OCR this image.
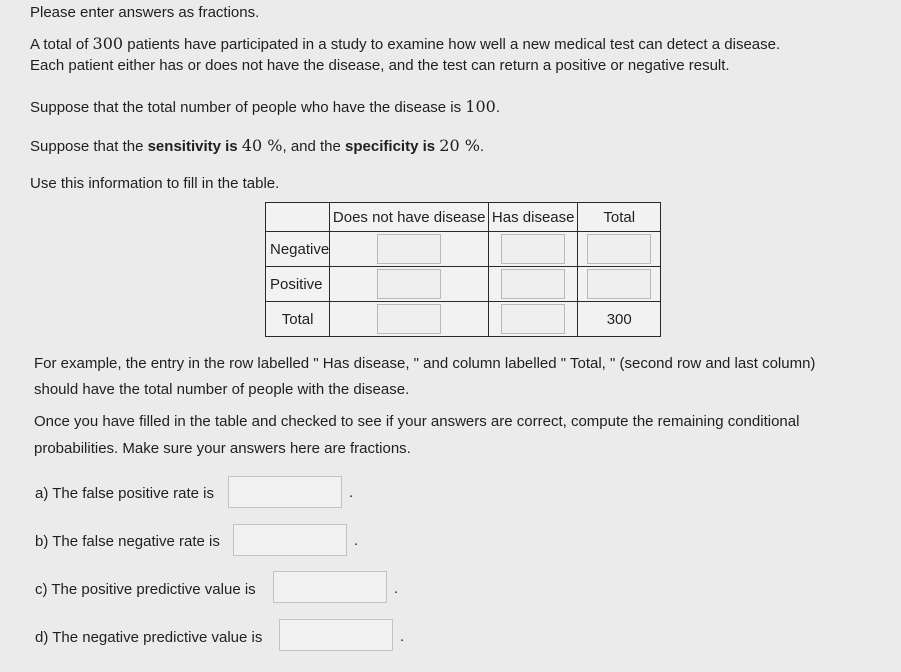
Please enter answers as fractions.
A total of 300 patients have participated in a study to examine how well a new medical test can detect a disease.
Each patient either has or does not have the disease, and the test can return a positive or negative result.
Suppose that the total number of people who have the disease is 100.
Suppose that the sensitivity is 40 %, and the specificity is 20 %.
Use this information to fill in the table.
	Does not have disease	Has disease	Total
Negative	

Positive	

Total			300
For example, the entry in the row labelled " Has disease, " and column labelled " Total, " (second row and last column)
should have the total number of people with the disease.
Once you have filled in the table and checked to see if your answers are correct, compute the remaining conditional
probabilities. Make sure your answers here are fractions.
a) The false positive rate is	.
b) The false negative rate is	.
c) The positive predictive value is	.
d) The negative predictive value is	.
